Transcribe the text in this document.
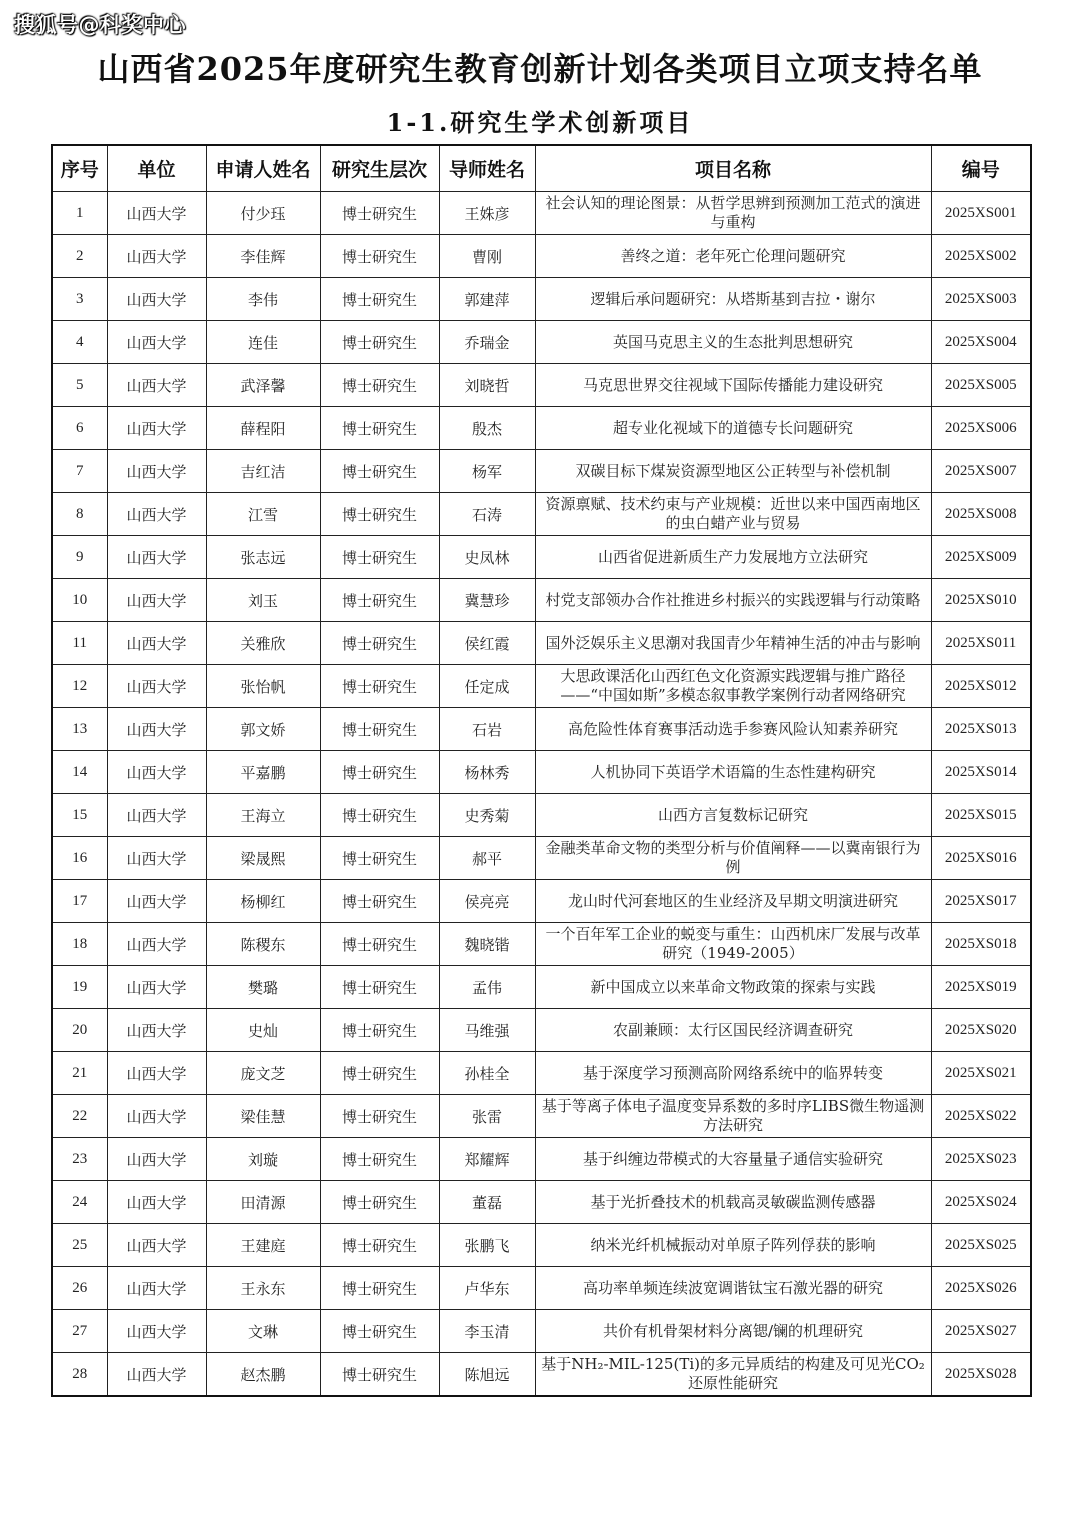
搜狐号@科奖中心
山西省2025年度研究生教育创新计划各类项目立项支持名单
1-1.研究生学术创新项目
序号	单位	申请人姓名	研究生层次	导师姓名	项目名称	编号
1	山西大学	付少珏	博士研究生	王姝彦	社会认知的理论图景：从哲学思辨到预测加工范式的演进与重构	2025XS001
2	山西大学	李佳辉	博士研究生	曹刚	善终之道：老年死亡伦理问题研究	2025XS002
3	山西大学	李伟	博士研究生	郭建萍	逻辑后承问题研究：从塔斯基到吉拉・谢尔	2025XS003
4	山西大学	连佳	博士研究生	乔瑞金	英国马克思主义的生态批判思想研究	2025XS004
5	山西大学	武泽馨	博士研究生	刘晓哲	马克思世界交往视域下国际传播能力建设研究	2025XS005
6	山西大学	薛程阳	博士研究生	殷杰	超专业化视域下的道德专长问题研究	2025XS006
7	山西大学	吉红洁	博士研究生	杨军	双碳目标下煤炭资源型地区公正转型与补偿机制	2025XS007
8	山西大学	江雪	博士研究生	石涛	资源禀赋、技术约束与产业规模：近世以来中国西南地区的虫白蜡产业与贸易	2025XS008
9	山西大学	张志远	博士研究生	史凤林	山西省促进新质生产力发展地方立法研究	2025XS009
10	山西大学	刘玉	博士研究生	冀慧珍	村党支部领办合作社推进乡村振兴的实践逻辑与行动策略	2025XS010
11	山西大学	关雅欣	博士研究生	侯红霞	国外泛娱乐主义思潮对我国青少年精神生活的冲击与影响	2025XS011
12	山西大学	张怡帆	博士研究生	任定成	大思政课活化山西红色文化资源实践逻辑与推广路径——“中国如斯”多模态叙事教学案例行动者网络研究	2025XS012
13	山西大学	郭文娇	博士研究生	石岩	高危险性体育赛事活动选手参赛风险认知素养研究	2025XS013
14	山西大学	平嘉鹏	博士研究生	杨林秀	人机协同下英语学术语篇的生态性建构研究	2025XS014
15	山西大学	王海立	博士研究生	史秀菊	山西方言复数标记研究	2025XS015
16	山西大学	梁晟熙	博士研究生	郝平	金融类革命文物的类型分析与价值阐释——以冀南银行为例	2025XS016
17	山西大学	杨柳红	博士研究生	侯亮亮	龙山时代河套地区的生业经济及早期文明演进研究	2025XS017
18	山西大学	陈稷东	博士研究生	魏晓锴	一个百年军工企业的蜕变与重生：山西机床厂发展与改革研究（1949-2005）	2025XS018
19	山西大学	樊璐	博士研究生	孟伟	新中国成立以来革命文物政策的探索与实践	2025XS019
20	山西大学	史灿	博士研究生	马维强	农副兼顾：太行区国民经济调查研究	2025XS020
21	山西大学	庞文芝	博士研究生	孙桂全	基于深度学习预测高阶网络系统中的临界转变	2025XS021
22	山西大学	梁佳慧	博士研究生	张雷	基于等离子体电子温度变异系数的多时序LIBS微生物遥测方法研究	2025XS022
23	山西大学	刘璇	博士研究生	郑耀辉	基于纠缠边带模式的大容量量子通信实验研究	2025XS023
24	山西大学	田清源	博士研究生	董磊	基于光折叠技术的机载高灵敏碳监测传感器	2025XS024
25	山西大学	王建庭	博士研究生	张鹏飞	纳米光纤机械振动对单原子阵列俘获的影响	2025XS025
26	山西大学	王永东	博士研究生	卢华东	高功率单频连续波宽调谐钛宝石激光器的研究	2025XS026
27	山西大学	文琳	博士研究生	李玉清	共价有机骨架材料分离锶/镧的机理研究	2025XS027
28	山西大学	赵杰鹏	博士研究生	陈旭远	基于NH₂-MIL-125(Ti)的多元异质结的构建及可见光CO₂还原性能研究	2025XS028
